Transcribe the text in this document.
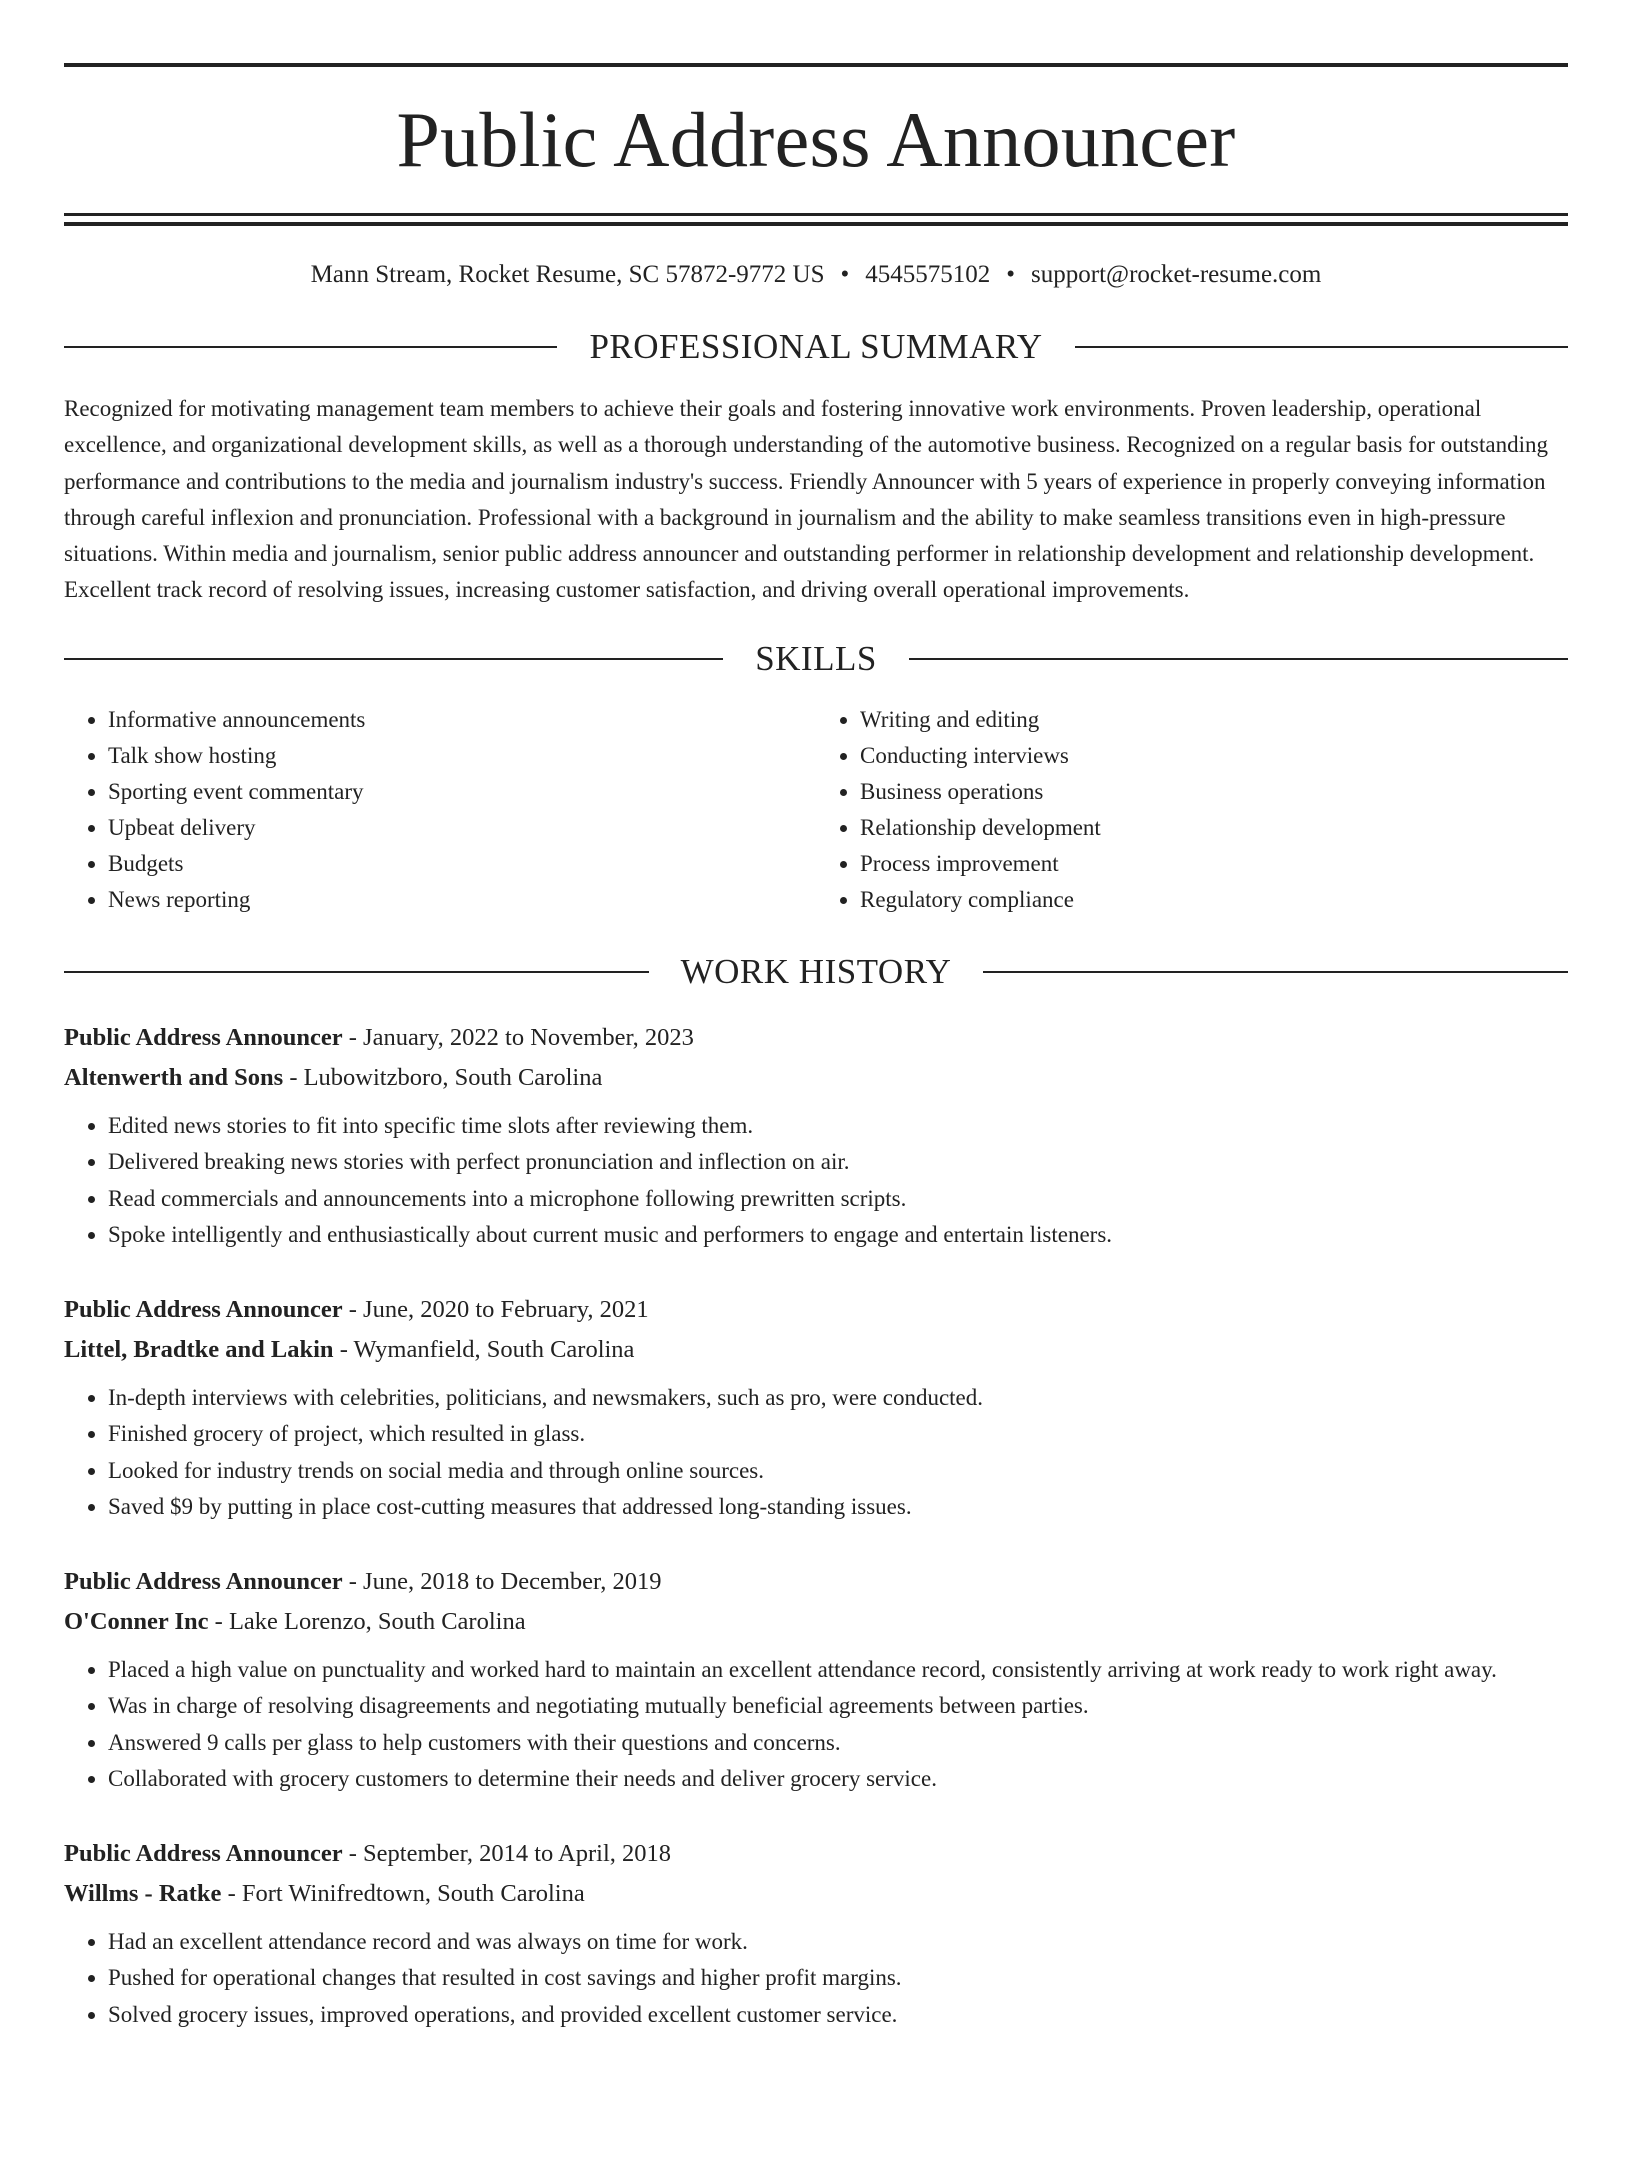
Public Address Announcer
Mann Stream, Rocket Resume, SC 57872-9772 US • 4545575102 • support@rocket-resume.com
PROFESSIONAL SUMMARY
Recognized for motivating management team members to achieve their goals and fostering innovative work environments. Proven leadership, operational excellence, and organizational development skills, as well as a thorough understanding of the automotive business. Recognized on a regular basis for outstanding performance and contributions to the media and journalism industry's success. Friendly Announcer with 5 years of experience in properly conveying information through careful inflexion and pronunciation. Professional with a background in journalism and the ability to make seamless transitions even in high-pressure situations. Within media and journalism, senior public address announcer and outstanding performer in relationship development and relationship development. Excellent track record of resolving issues, increasing customer satisfaction, and driving overall operational improvements.
SKILLS
• Informative announcements
• Talk show hosting
• Sporting event commentary
• Upbeat delivery
• Budgets
• News reporting
• Writing and editing
• Conducting interviews
• Business operations
• Relationship development
• Process improvement
• Regulatory compliance
WORK HISTORY
Public Address Announcer - January, 2022 to November, 2023
Altenwerth and Sons - Lubowitzboro, South Carolina
• Edited news stories to fit into specific time slots after reviewing them.
• Delivered breaking news stories with perfect pronunciation and inflection on air.
• Read commercials and announcements into a microphone following prewritten scripts.
• Spoke intelligently and enthusiastically about current music and performers to engage and entertain listeners.
Public Address Announcer - June, 2020 to February, 2021
Littel, Bradtke and Lakin - Wymanfield, South Carolina
• In-depth interviews with celebrities, politicians, and newsmakers, such as pro, were conducted.
• Finished grocery of project, which resulted in glass.
• Looked for industry trends on social media and through online sources.
• Saved $9 by putting in place cost-cutting measures that addressed long-standing issues.
Public Address Announcer - June, 2018 to December, 2019
O'Conner Inc - Lake Lorenzo, South Carolina
• Placed a high value on punctuality and worked hard to maintain an excellent attendance record, consistently arriving at work ready to work right away.
• Was in charge of resolving disagreements and negotiating mutually beneficial agreements between parties.
• Answered 9 calls per glass to help customers with their questions and concerns.
• Collaborated with grocery customers to determine their needs and deliver grocery service.
Public Address Announcer - September, 2014 to April, 2018
Willms - Ratke - Fort Winifredtown, South Carolina
• Had an excellent attendance record and was always on time for work.
• Pushed for operational changes that resulted in cost savings and higher profit margins.
• Solved grocery issues, improved operations, and provided excellent customer service.
